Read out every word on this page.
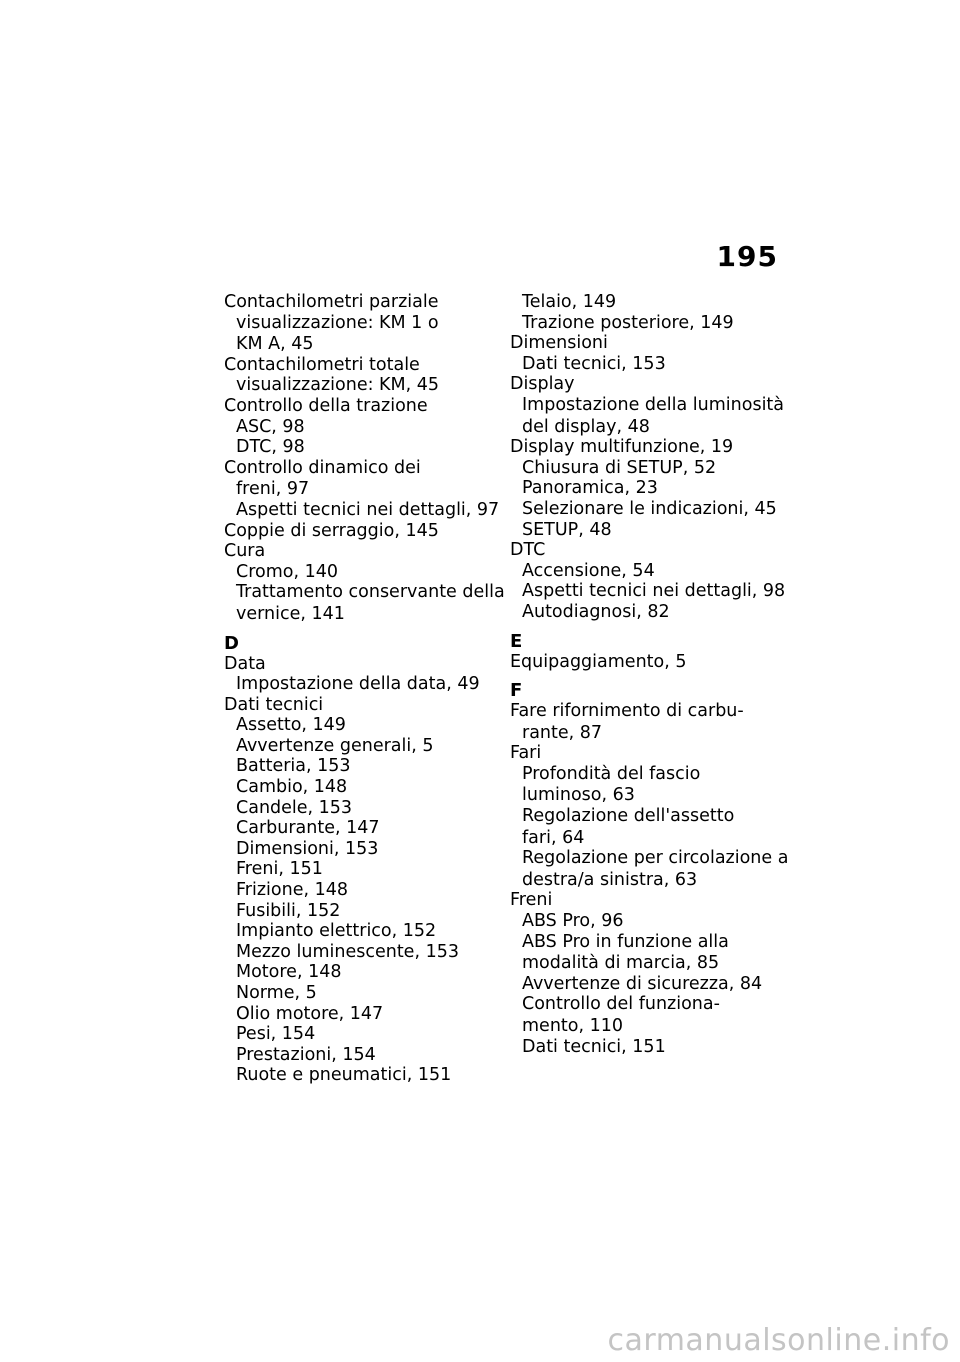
195
Contachilometri parziale
visualizzazione: KM 1 o
KM A, 45
Contachilometri totale
visualizzazione: KM, 45
Controllo della trazione
ASC, 98
DTC, 98
Controllo dinamico dei
freni, 97
Aspetti tecnici nei dettagli, 97
Coppie di serraggio, 145
Cura
Cromo, 140
Trattamento conservante della
vernice, 141
D
Data
Impostazione della data, 49
Dati tecnici
Assetto, 149
Avvertenze generali, 5
Batteria, 153
Cambio, 148
Candele, 153
Carburante, 147
Dimensioni, 153
Freni, 151
Frizione, 148
Fusibili, 152
Impianto elettrico, 152
Mezzo luminescente, 153
Motore, 148
Norme, 5
Olio motore, 147
Pesi, 154
Prestazioni, 154
Ruote e pneumatici, 151
Telaio, 149
Trazione posteriore, 149
Dimensioni
Dati tecnici, 153
Display
Impostazione della luminosità
del display, 48
Display multifunzione, 19
Chiusura di SETUP, 52
Panoramica, 23
Selezionare le indicazioni, 45
SETUP, 48
DTC
Accensione, 54
Aspetti tecnici nei dettagli, 98
Autodiagnosi, 82
E
Equipaggiamento, 5
F
Fare rifornimento di carbu-
rante, 87
Fari
Profondità del fascio
luminoso, 63
Regolazione dell'assetto
fari, 64
Regolazione per circolazione a
destra/a sinistra, 63
Freni
ABS Pro, 96
ABS Pro in funzione alla
modalità di marcia, 85
Avvertenze di sicurezza, 84
Controllo del funziona-
mento, 110
Dati tecnici, 151
carmanualsonline.info
